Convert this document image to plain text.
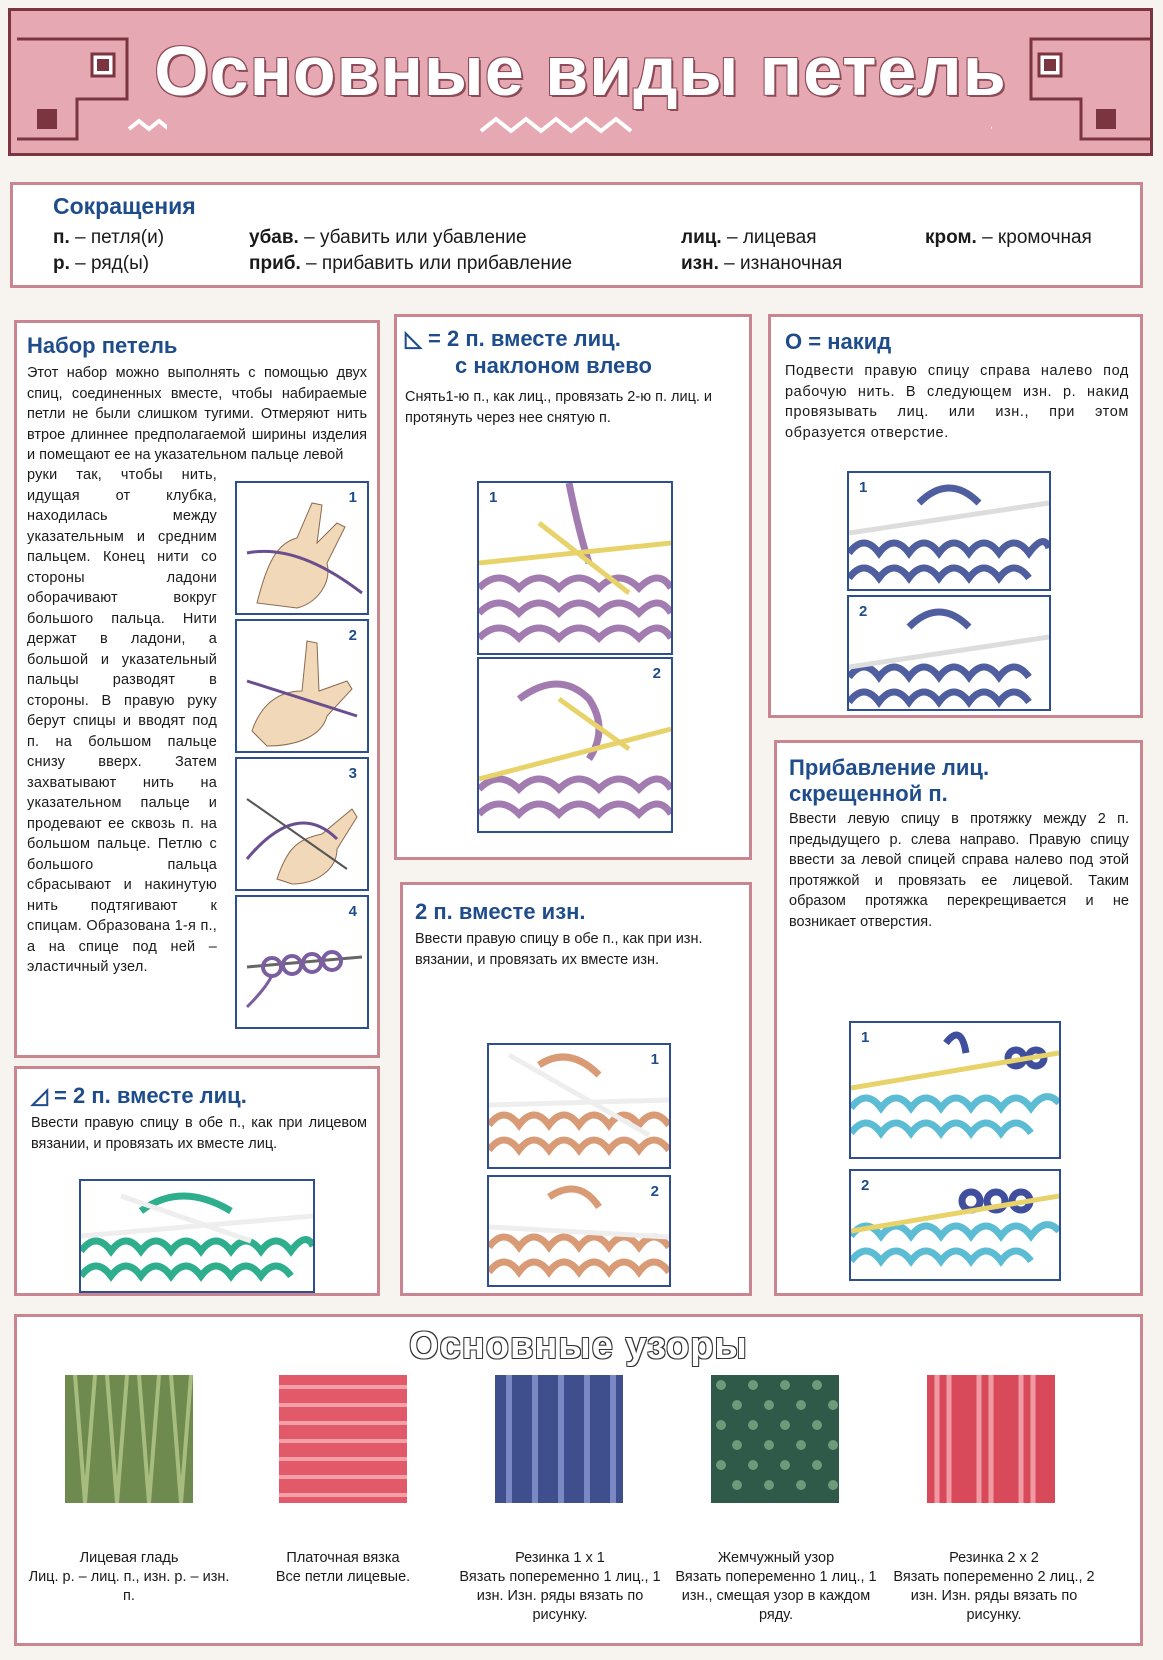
Основные виды петель
Сокращения
п. – петля(и)
р. – ряд(ы)
убав. – убавить или убавление
приб. – прибавить или прибавление
лиц. – лицевая
изн. – изнаночная
кром. – кромочная
Набор петель
Этот набор можно выполнять с помощью двух спиц, соединенных вместе, чтобы набираемые петли не были слишком тугими. Отмеряют нить втрое длиннее предполагаемой ширины изделия и помещают ее на указательном пальце левой
руки так, чтобы нить, идущая от клубка, находилась между указательным и средним пальцем. Конец нити со стороны ладони оборачивают вокруг большого пальца. Нити держат в ладони, а большой и указательный пальцы разводят в стороны. В правую руку берут спицы и вводят под п. на большом пальце снизу вверх. Затем захватывают нить на указательном пальце и продевают ее сквозь п. на большом пальце. Петлю с большого пальца сбрасывают и накинутую нить подтягивают к спицам. Образована 1-я п., а на спице под ней – эластичный узел.
1
2
3
4
◺ = 2 п. вместе лиц.
с наклоном влево
Снять1-ю п., как лиц., провязать 2-ю п. лиц. и протянуть через нее снятую п.
1
2
O = накид
Подвести правую спицу справа налево под рабочую нить. В следующем изн. р. накид провязывать лиц. или изн., при этом образуется отверстие.
1
2
2 п. вместе изн.
Ввести правую спицу в обе п., как при изн. вязании, и провязать их вместе изн.
1
2
◿ = 2 п. вместе лиц.
Ввести правую спицу в обе п., как при лицевом вязании, и провязать их вместе лиц.
Прибавление лиц.
скрещенной п.
Ввести левую спицу в протяжку между 2 п. предыдущего р. слева направо. Правую спицу ввести за левой спицей справа налево под этой протяжкой и провязать ее лицевой. Таким образом протяжка перекрещивается и не возникает отверстия.
1
2
Основные узоры
Лицевая гладь
Лиц. р. – лиц. п., изн. р. – изн. п.
Платочная вязка
Все петли лицевые.
Резинка 1 х 1
Вязать попеременно 1 лиц., 1 изн. Изн. ряды вязать по рисунку.
Жемчужный узор
Вязать попеременно 1 лиц., 1 изн., смещая узор в каждом ряду.
Резинка 2 х 2
Вязать попеременно 2 лиц., 2 изн. Изн. ряды вязать по рисунку.
